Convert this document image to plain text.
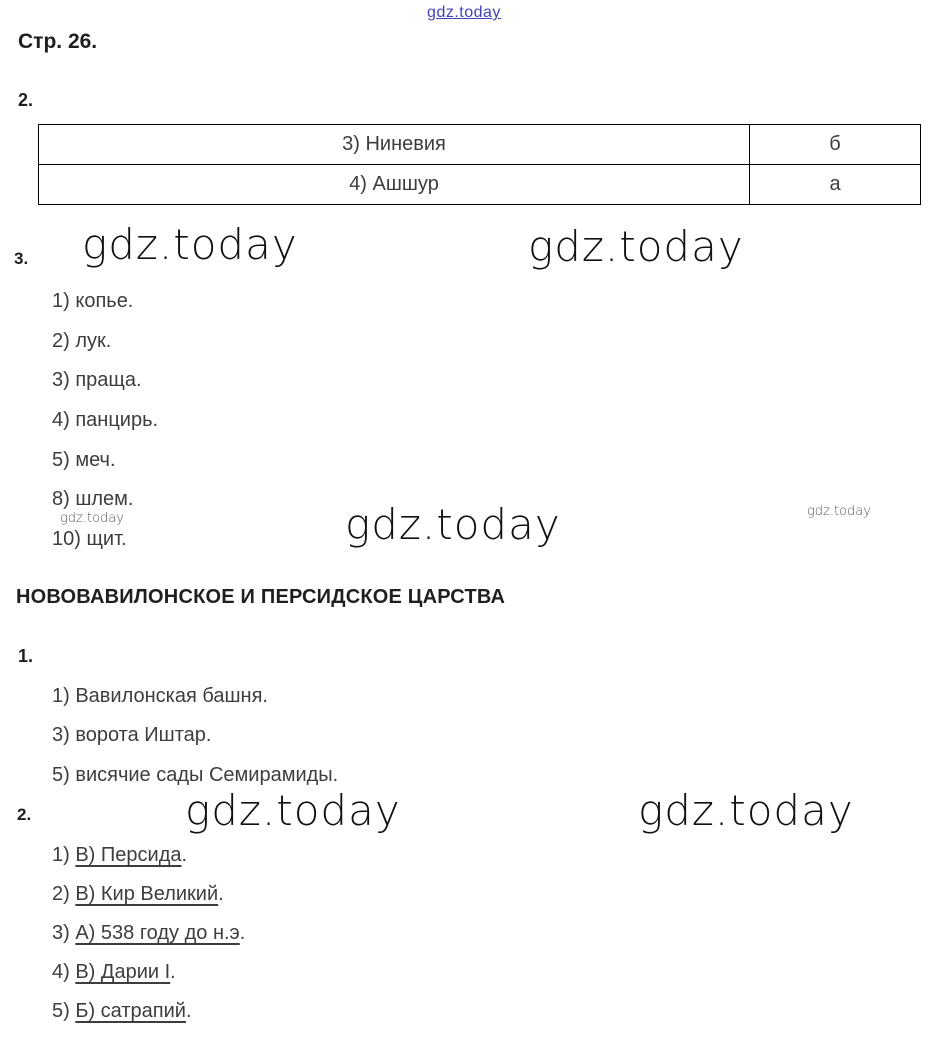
gdz.today
Стр. 26.
2.
3) Ниневия	б
4) Ашшур	а
3. gdz.today	gdz.today
1) копье.
2) лук.
3) праща.
4) панцирь.
5) меч.
8) шлем.
10) щит.
gdz.today	gdz.today	gdz.today
НОВОВАВИЛОНСКОЕ И ПЕРСИДСКОЕ ЦАРСТВА
1.
1) Вавилонская башня.
3) ворота Иштар.
5) висячие сады Семирамиды.
2.	gdz.today	gdz.today
1) В) Персида.
2) В) Кир Великий.
3) А) 538 году до н.э.
4) В) Дарии I.
5) Б) сатрапий.
